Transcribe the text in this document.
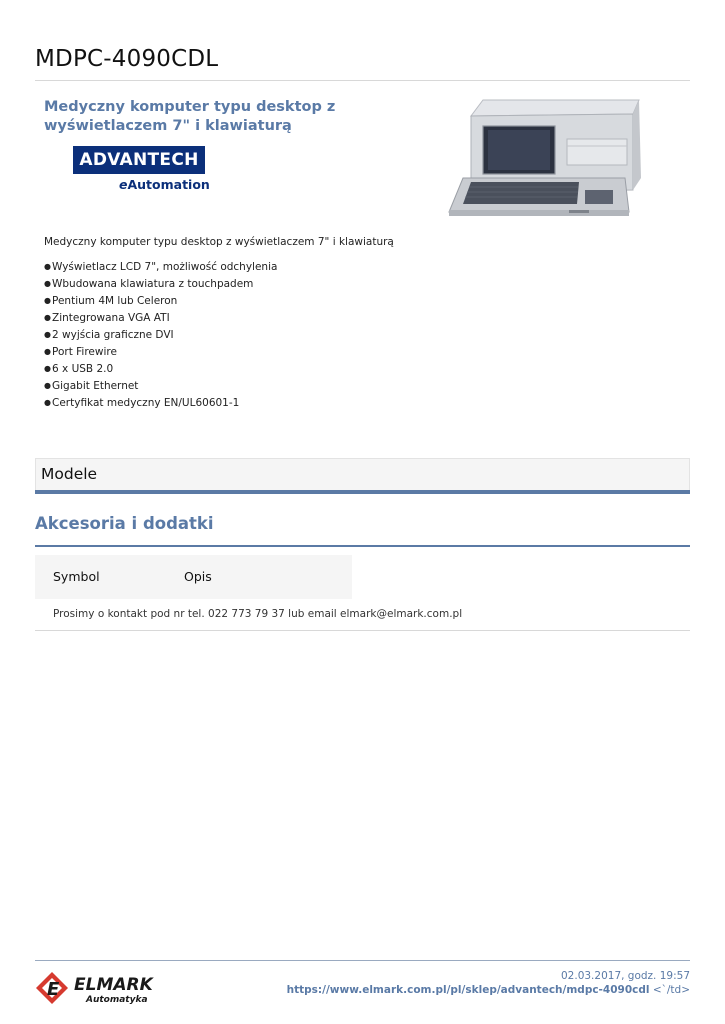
MDPC-4090CDL
Medyczny komputer typu desktop z wyświetlaczem 7" i klawiaturą
ADVANTECH
eAutomation
Medyczny komputer typu desktop z wyświetlaczem 7" i klawiaturą
● Wyświetlacz LCD 7", możliwość odchylenia
● Wbudowana klawiatura z touchpadem
● Pentium 4M lub Celeron
● Zintegrowana VGA ATI
● 2 wyjścia graficzne DVI
● Port Firewire
● 6 x USB 2.0
● Gigabit Ethernet
● Certyfikat medyczny EN/UL60601-1
Modele
Akcesoria i dodatki
Symbol	Opis
Prosimy o kontakt pod nr tel. 022 773 79 37 lub email elmark@elmark.com.pl
E ELMARK
Automatyka
02.03.2017, godz. 19:57
https://www.elmark.com.pl/pl/sklep/advantech/mdpc-4090cdl <`/td>
